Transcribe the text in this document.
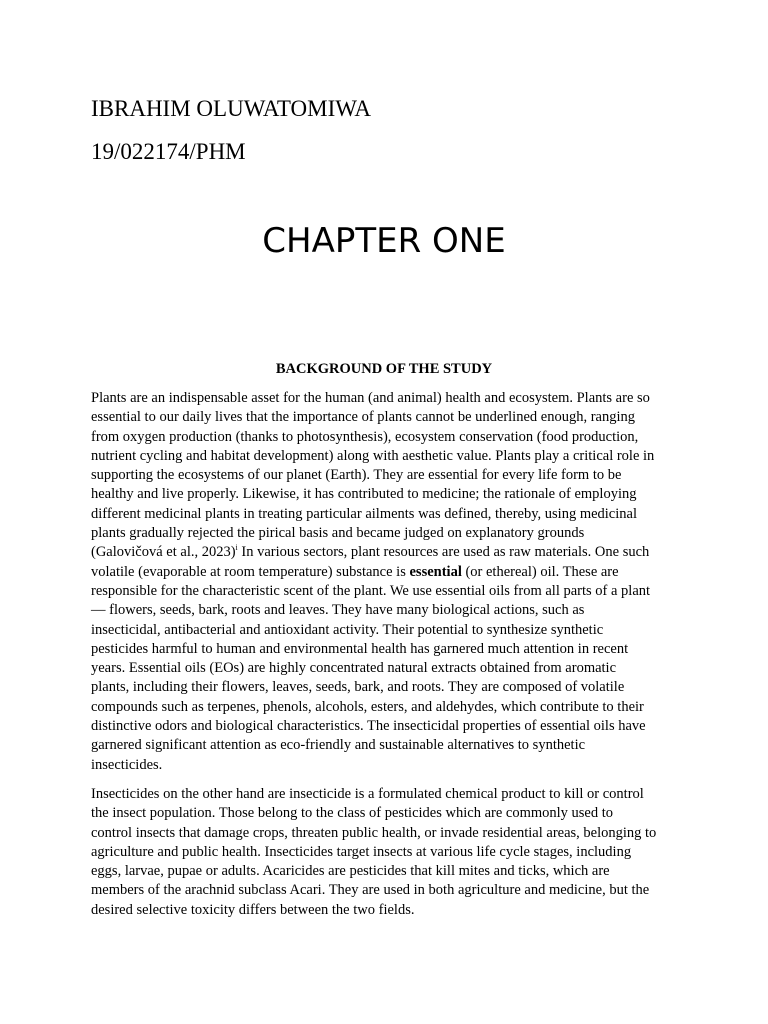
IBRAHIM OLUWATOMIWA

19/022174/PHM

CHAPTER ONE
BACKGROUND OF THE STUDY
Plants are an indispensable asset for the human (and animal) health and ecosystem. Plants are so
essential to our daily lives that the importance of plants cannot be underlined enough, ranging
from oxygen production (thanks to photosynthesis), ecosystem conservation (food production,
nutrient cycling and habitat development) along with aesthetic value. Plants play a critical role in
supporting the ecosystems of our planet (Earth). They are essential for every life form to be
healthy and live properly. Likewise, it has contributed to medicine; the rationale of employing
different medicinal plants in treating particular ailments was defined, thereby, using medicinal
plants gradually rejected the pirical basis and became judged on explanatory grounds
(Galovičová et al., 2023)$^i$ In various sectors, plant resources are used as raw materials. One such
volatile (evaporable at room temperature) substance is essential (or ethereal) oil. These are
responsible for the characteristic scent of the plant. We use essential oils from all parts of a plant
— flowers, seeds, bark, roots and leaves. They have many biological actions, such as
insecticidal, antibacterial and antioxidant activity. Their potential to synthesize synthetic
pesticides harmful to human and environmental health has garnered much attention in recent
years. Essential oils (EOs) are highly concentrated natural extracts obtained from aromatic
plants, including their flowers, leaves, seeds, bark, and roots. They are composed of volatile
compounds such as terpenes, phenols, alcohols, esters, and aldehydes, which contribute to their
distinctive odors and biological characteristics. The insecticidal properties of essential oils have
garnered significant attention as eco-friendly and sustainable alternatives to synthetic
insecticides.
Insecticides on the other hand are insecticide is a formulated chemical product to kill or control
the insect population. Those belong to the class of pesticides which are commonly used to
control insects that damage crops, threaten public health, or invade residential areas, belonging to
agriculture and public health. Insecticides target insects at various life cycle stages, including
eggs, larvae, pupae or adults. Acaricides are pesticides that kill mites and ticks, which are
members of the arachnid subclass Acari. They are used in both agriculture and medicine, but the
desired selective toxicity differs between the two fields.
